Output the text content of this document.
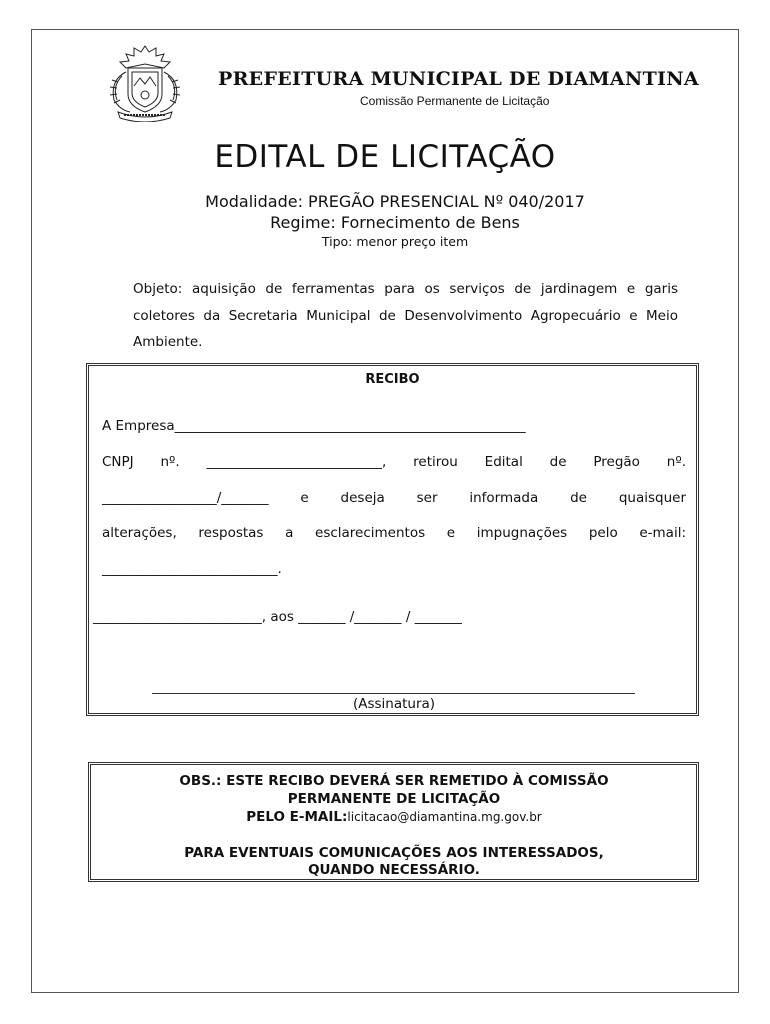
PREFEITURA MUNICIPAL DE DIAMANTINA
Comissão Permanente de Licitação
EDITAL DE LICITAÇÃO
Modalidade: PREGÃO PRESENCIAL Nº 040/2017
Regime: Fornecimento de Bens
Tipo: menor preço item
Objeto: aquisição de ferramentas para os serviços de jardinagem e garis coletores da Secretaria Municipal de Desenvolvimento Agropecuário e Meio Ambiente.
RECIBO
A Empresa____________________________________________________
CNPJ nº. __________________________, retirou Edital de Pregão nº.
_________________/_______ e deseja ser informada de quaisquer
alterações, respostas a esclarecimentos e impugnações pelo e-mail:
__________________________.
_________________________, aos _______ /_______ / _______
(Assinatura)
OBS.: ESTE RECIBO DEVERÁ SER REMETIDO À COMISSÃO
PERMANENTE DE LICITAÇÃO
PELO E-MAIL:licitacao@diamantina.mg.gov.br
PARA EVENTUAIS COMUNICAÇÕES AOS INTERESSADOS,
QUANDO NECESSÁRIO.
